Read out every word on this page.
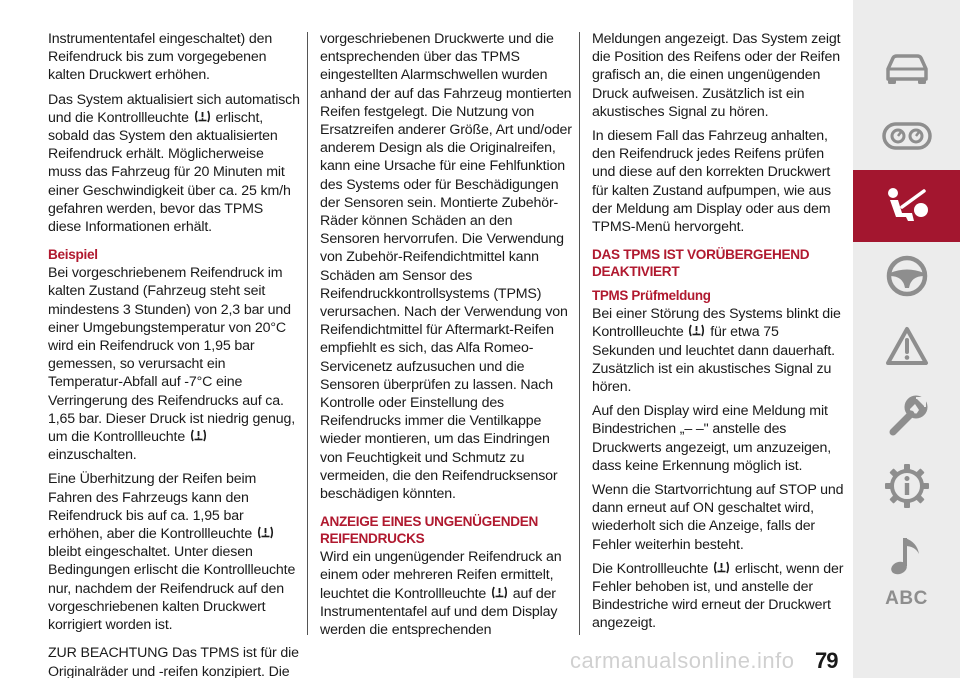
Instrumententafel eingeschaltet) den Reifendruck bis zum vorgegebenen kalten Druckwert erhöhen.

Das System aktualisiert sich automatisch und die Kontrollleuchte erlischt, sobald das System den aktualisierten Reifendruck erhält. Möglicherweise muss das Fahrzeug für 20 Minuten mit einer Geschwindigkeit über ca. 25 km/h gefahren werden, bevor das TPMS diese Informationen erhält.

Beispiel

Bei vorgeschriebenem Reifendruck im kalten Zustand (Fahrzeug steht seit mindestens 3 Stunden) von 2,3 bar und einer Umgebungstemperatur von 20°C wird ein Reifendruck von 1,95 bar gemessen, so verursacht ein Temperatur-Abfall auf -7°C eine Verringerung des Reifendrucks auf ca. 1,65 bar. Dieser Druck ist niedrig genug, um die Kontrollleuchte
einzuschalten.

Eine Überhitzung der Reifen beim Fahren des Fahrzeugs kann den Reifendruck bis auf ca. 1,95 bar erhöhen, aber die Kontrollleuchte
bleibt eingeschaltet. Unter diesen Bedingungen erlischt die Kontrollleuchte nur, nachdem der Reifendruck auf den vorgeschriebenen kalten Druckwert korrigiert worden ist.

ZUR BEACHTUNG Das TPMS ist für die Originalräder und -reifen konzipiert. Die

vorgeschriebenen Druckwerte und die entsprechenden über das TPMS eingestellten Alarmschwellen wurden anhand der auf das Fahrzeug montierten Reifen festgelegt. Die Nutzung von Ersatzreifen anderer Größe, Art und/oder anderem Design als die Originalreifen, kann eine Ursache für eine Fehlfunktion des Systems oder für Beschädigungen der Sensoren sein. Montierte Zubehör-Räder können Schäden an den Sensoren hervorrufen. Die Verwendung von Zubehör-Reifendichtmittel kann Schäden am Sensor des Reifendruckkontrollsystems (TPMS) verursachen. Nach der Verwendung von Reifendichtmittel für Aftermarkt-Reifen empfiehlt es sich, das Alfa Romeo- Servicenetz aufzusuchen und die Sensoren überprüfen zu lassen. Nach Kontrolle oder Einstellung des Reifendrucks immer die Ventilkappe wieder montieren, um das Eindringen von Feuchtigkeit und Schmutz zu vermeiden, die den Reifendrucksensor beschädigen könnten.

ANZEIGE EINES UNGENÜGENDEN REIFENDRUCKS

Wird ein ungenügender Reifendruck an einem oder mehreren Reifen ermittelt, leuchtet die Kontrollleuchte auf der Instrumententafel auf und dem Display werden die entsprechenden

Meldungen angezeigt. Das System zeigt die Position des Reifens oder der Reifen grafisch an, die einen ungenügenden Druck aufweisen. Zusätzlich ist ein akustisches Signal zu hören.

In diesem Fall das Fahrzeug anhalten, den Reifendruck jedes Reifens prüfen und diese auf den korrekten Druckwert für kalten Zustand aufpumpen, wie aus der Meldung am Display oder aus dem TPMS-Menü hervorgeht.

DAS TPMS IST VORÜBERGEHEND DEAKTIVIERT
TPMS Prüfmeldung

Bei einer Störung des Systems blinkt die Kontrollleuchte für etwa 75 Sekunden und leuchtet dann dauerhaft. Zusätzlich ist ein akustisches Signal zu hören.

Auf den Display wird eine Meldung mit Bindestrichen „– –" anstelle des Druckwerts angezeigt, um anzuzeigen, dass keine Erkennung möglich ist.

Wenn die Startvorrichtung auf STOP und dann erneut auf ON geschaltet wird, wiederholt sich die Anzeige, falls der Fehler weiterhin besteht.

Die Kontrollleuchte erlischt, wenn der Fehler behoben ist, und anstelle der Bindestriche wird erneut der Druckwert angezeigt.

carmanualsonline.info 79
ABC
